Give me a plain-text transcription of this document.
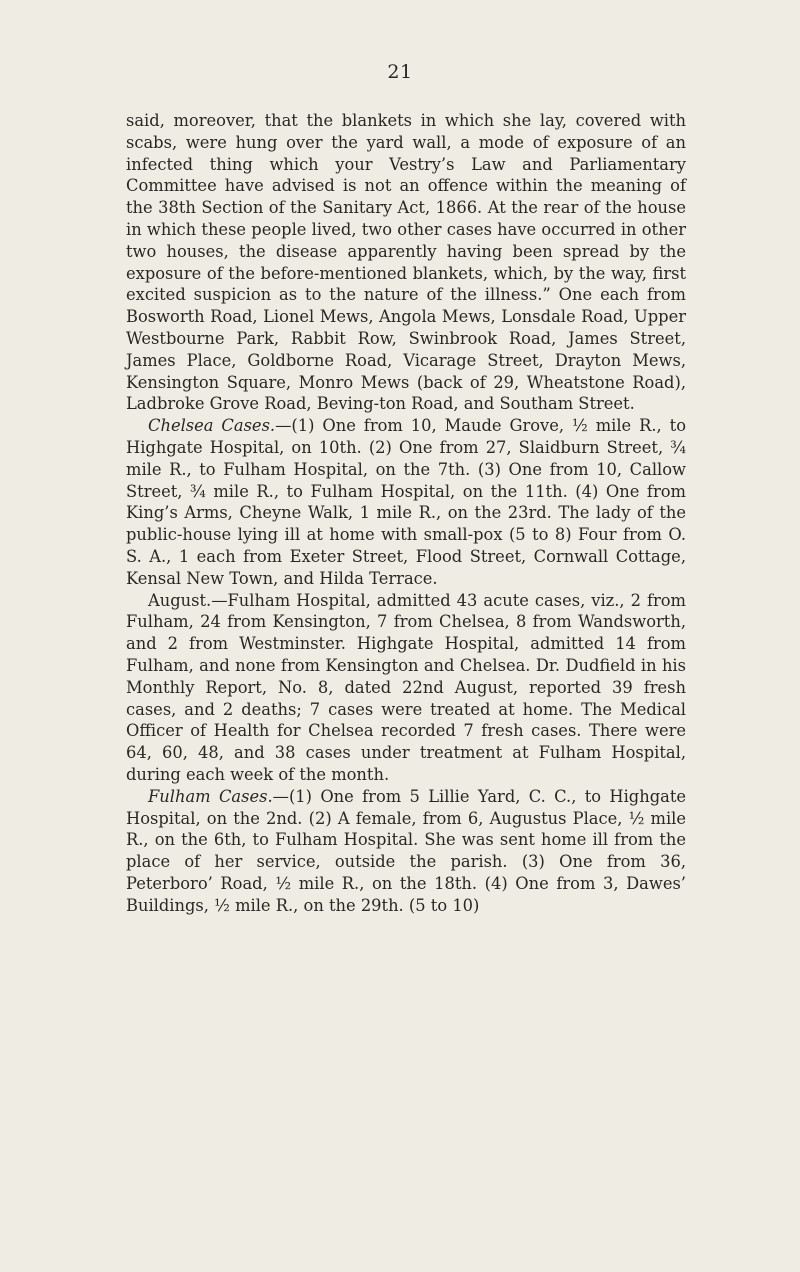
21

said, moreover, that the blankets in which she lay, covered with scabs, were hung over the yard wall, a mode of exposure of an infected thing which your Vestry’s Law and Parliamentary Committee have advised is not an offence within the meaning of the 38th Section of the Sanitary Act, 1866. At the rear of the house in which these people lived, two other cases have occurred in other two houses, the disease apparently having been spread by the exposure of the before-mentioned blankets, which, by the way, first excited suspicion as to the nature of the illness.” One each from Bosworth Road, Lionel Mews, Angola Mews, Lonsdale Road, Upper Westbourne Park, Rabbit Row, Swinbrook Road, James Street, James Place, Goldborne Road, Vicarage Street, Drayton Mews, Kensington Square, Monro Mews (back of 29, Wheatstone Road), Ladbroke Grove Road, Beving-ton Road, and Southam Street.

Chelsea Cases.—(1) One from 10, Maude Grove, ½ mile R., to Highgate Hospital, on 10th. (2) One from 27, Slaidburn Street, ¾ mile R., to Fulham Hospital, on the 7th. (3) One from 10, Callow Street, ¾ mile R., to Fulham Hospital, on the 11th. (4) One from King’s Arms, Cheyne Walk, 1 mile R., on the 23rd. The lady of the public-house lying ill at home with small-pox (5 to 8) Four from O. S. A., 1 each from Exeter Street, Flood Street, Cornwall Cottage, Kensal New Town, and Hilda Terrace.

August.—Fulham Hospital, admitted 43 acute cases, viz., 2 from Fulham, 24 from Kensington, 7 from Chelsea, 8 from Wandsworth, and 2 from Westminster. Highgate Hospital, admitted 14 from Fulham, and none from Kensington and Chelsea. Dr. Dudfield in his Monthly Report, No. 8, dated 22nd August, reported 39 fresh cases, and 2 deaths; 7 cases were treated at home. The Medical Officer of Health for Chelsea recorded 7 fresh cases. There were 64, 60, 48, and 38 cases under treatment at Fulham Hospital, during each week of the month.

Fulham Cases.—(1) One from 5 Lillie Yard, C. C., to Highgate Hospital, on the 2nd. (2) A female, from 6, Augustus Place, ½ mile R., on the 6th, to Fulham Hospital. She was sent home ill from the place of her service, outside the parish. (3) One from 36, Peterboro’ Road, ½ mile R., on the 18th. (4) One from 3, Dawes’ Buildings, ½ mile R., on the 29th. (5 to 10)
